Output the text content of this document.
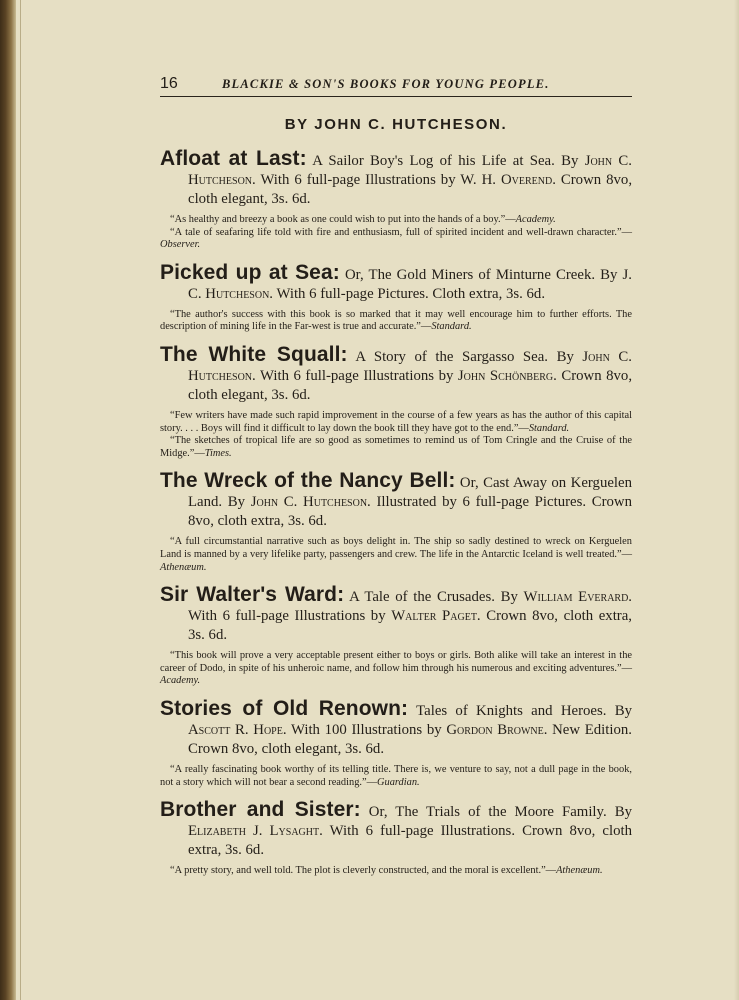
16	BLACKIE & SON'S BOOKS FOR YOUNG PEOPLE.
BY JOHN C. HUTCHESON.
Afloat at Last: A Sailor Boy's Log of his Life at Sea. By John C. Hutcheson. With 6 full-page Illustrations by W. H. Overend. Crown 8vo, cloth elegant, 3s. 6d.

“As healthy and breezy a book as one could wish to put into the hands of a boy.”—Academy.

“A tale of seafaring life told with fire and enthusiasm, full of spirited incident and well-drawn character.”—Observer.

Picked up at Sea: Or, The Gold Miners of Minturne Creek. By J. C. Hutcheson. With 6 full-page Pictures. Cloth extra, 3s. 6d.

“The author's success with this book is so marked that it may well encourage him to further efforts. The description of mining life in the Far-west is true and accurate.”—Standard.

The White Squall: A Story of the Sargasso Sea. By John C. Hutcheson. With 6 full-page Illustrations by John Schönberg. Crown 8vo, cloth elegant, 3s. 6d.

“Few writers have made such rapid improvement in the course of a few years as has the author of this capital story. . . . Boys will find it difficult to lay down the book till they have got to the end.”—Standard.

“The sketches of tropical life are so good as sometimes to remind us of Tom Cringle and the Cruise of the Midge.”—Times.

The Wreck of the Nancy Bell: Or, Cast Away on Kerguelen Land. By John C. Hutcheson. Illustrated by 6 full-page Pictures. Crown 8vo, cloth extra, 3s. 6d.

“A full circumstantial narrative such as boys delight in. The ship so sadly destined to wreck on Kerguelen Land is manned by a very lifelike party, passengers and crew. The life in the Antarctic Iceland is well treated.”—Athenæum.

Sir Walter's Ward: A Tale of the Crusades. By William Everard. With 6 full-page Illustrations by Walter Paget. Crown 8vo, cloth extra, 3s. 6d.

“This book will prove a very acceptable present either to boys or girls. Both alike will take an interest in the career of Dodo, in spite of his unheroic name, and follow him through his numerous and exciting adventures.”—Academy.

Stories of Old Renown: Tales of Knights and Heroes. By Ascott R. Hope. With 100 Illustrations by Gordon Browne. New Edition. Crown 8vo, cloth elegant, 3s. 6d.

“A really fascinating book worthy of its telling title. There is, we venture to say, not a dull page in the book, not a story which will not bear a second reading.”—Guardian.

Brother and Sister: Or, The Trials of the Moore Family. By Elizabeth J. Lysaght. With 6 full-page Illustrations. Crown 8vo, cloth extra, 3s. 6d.

“A pretty story, and well told. The plot is cleverly constructed, and the moral is excellent.”—Athenæum.
